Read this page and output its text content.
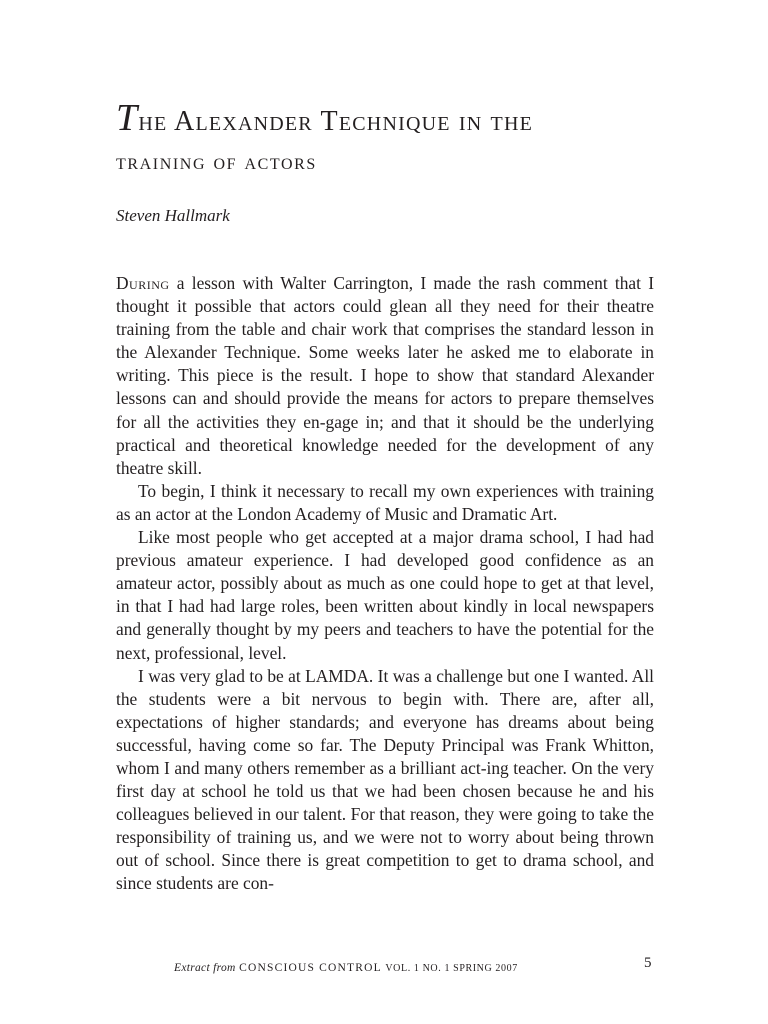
The Alexander Technique in the
training of actors

Steven Hallmark

During a lesson with Walter Carrington, I made the rash comment that I thought it possible that actors could glean all they need for their theatre training from the table and chair work that comprises the standard lesson in the Alexander Technique. Some weeks later he asked me to elaborate in writing. This piece is the result. I hope to show that standard Alexander lessons can and should provide the means for actors to prepare themselves for all the activities they en-gage in; and that it should be the underlying practical and theoretical knowledge needed for the development of any theatre skill.

To begin, I think it necessary to recall my own experiences with training as an actor at the London Academy of Music and Dramatic Art.

Like most people who get accepted at a major drama school, I had had previous amateur experience. I had developed good confidence as an amateur actor, possibly about as much as one could hope to get at that level, in that I had had large roles, been written about kindly in local newspapers and generally thought by my peers and teachers to have the potential for the next, professional, level.

I was very glad to be at LAMDA. It was a challenge but one I wanted. All the students were a bit nervous to begin with. There are, after all, expectations of higher standards; and everyone has dreams about being successful, having come so far. The Deputy Principal was Frank Whitton, whom I and many others remember as a brilliant act-ing teacher. On the very first day at school he told us that we had been chosen because he and his colleagues believed in our talent. For that reason, they were going to take the responsibility of training us, and we were not to worry about being thrown out of school. Since there is great competition to get to drama school, and since students are con-

Extract from CONSCIOUS CONTROL VOL. 1 NO. 1 SPRING 2007	5
